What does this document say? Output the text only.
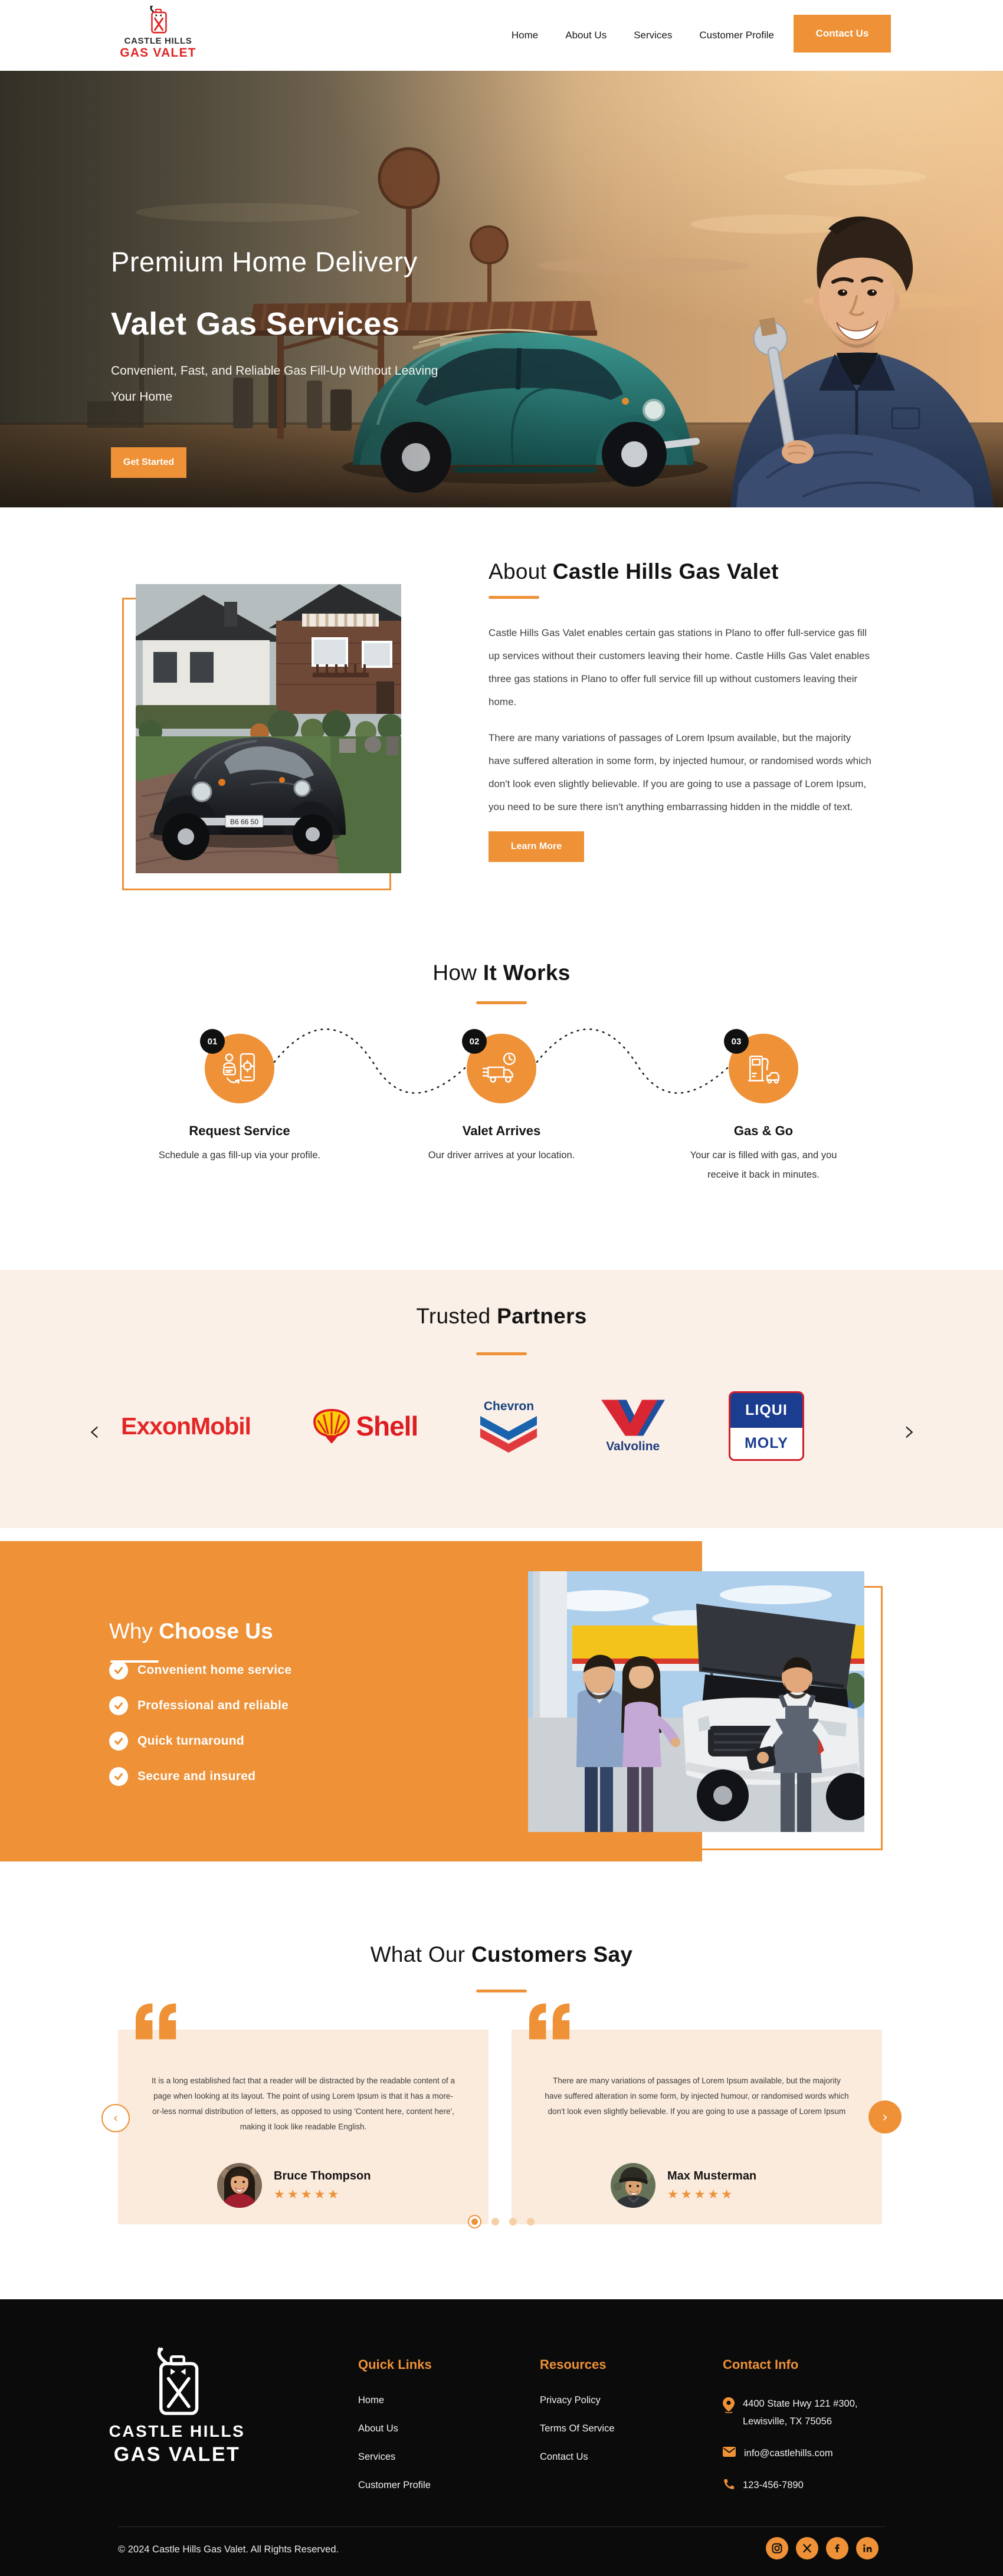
CASTLE HILLS
GAS VALET
Home	About Us	Services	Customer Profile	Contact Us
Premium Home Delivery
Valet Gas Services
Convenient, Fast, and Reliable Gas Fill-Up Without Leaving Your Home
Get Started
B6 66 50
About Castle Hills Gas Valet

Castle Hills Gas Valet enables certain gas stations in Plano to offer full-service gas fill up services without their customers leaving their home. Castle Hills Gas Valet enables three gas stations in Plano to offer full service fill up without customers leaving their home.

There are many variations of passages of Lorem Ipsum available, but the majority have suffered alteration in some form, by injected humour, or randomised words which don't look even slightly believable. If you are going to use a passage of Lorem Ipsum, you need to be sure there isn't anything embarrassing hidden in the middle of text.

Learn More
How It Works
01
Request Service
Schedule a gas fill-up via your profile.
02
Valet Arrives
Our driver arrives at your location.
03
Gas & Go
Your car is filled with gas, and you receive it back in minutes.
Trusted Partners
‹	›
ExxonMobil	Shell
Chevron
Valvoline
LIQUI
MOLY
Why Choose Us
Convenient home service
Professional and reliable
Quick turnaround
Secure and insured
What Our Customers Say
It is a long established fact that a reader will be distracted by the readable content of a page when looking at its layout. The point of using Lorem Ipsum is that it has a more-or-less normal distribution of letters, as opposed to using 'Content here, content here', making it look like readable English.
Bruce Thompson
★★★★★
There are many variations of passages of Lorem Ipsum available, but the majority have suffered alteration in some form, by injected humour, or randomised words which don't look even slightly believable. If you are going to use a passage of Lorem Ipsum
Max Musterman
★★★★★
‹	›
CASTLE HILLS
GAS VALET
Quick Links
Home
About Us
Services
Customer Profile
Resources
Privacy Policy
Terms Of Service
Contact Us
Contact Info
4400 State Hwy 121 #300,
Lewisville, TX 75056
info@castlehills.com
123-456-7890
© 2024 Castle Hills Gas Valet. All Rights Reserved.
